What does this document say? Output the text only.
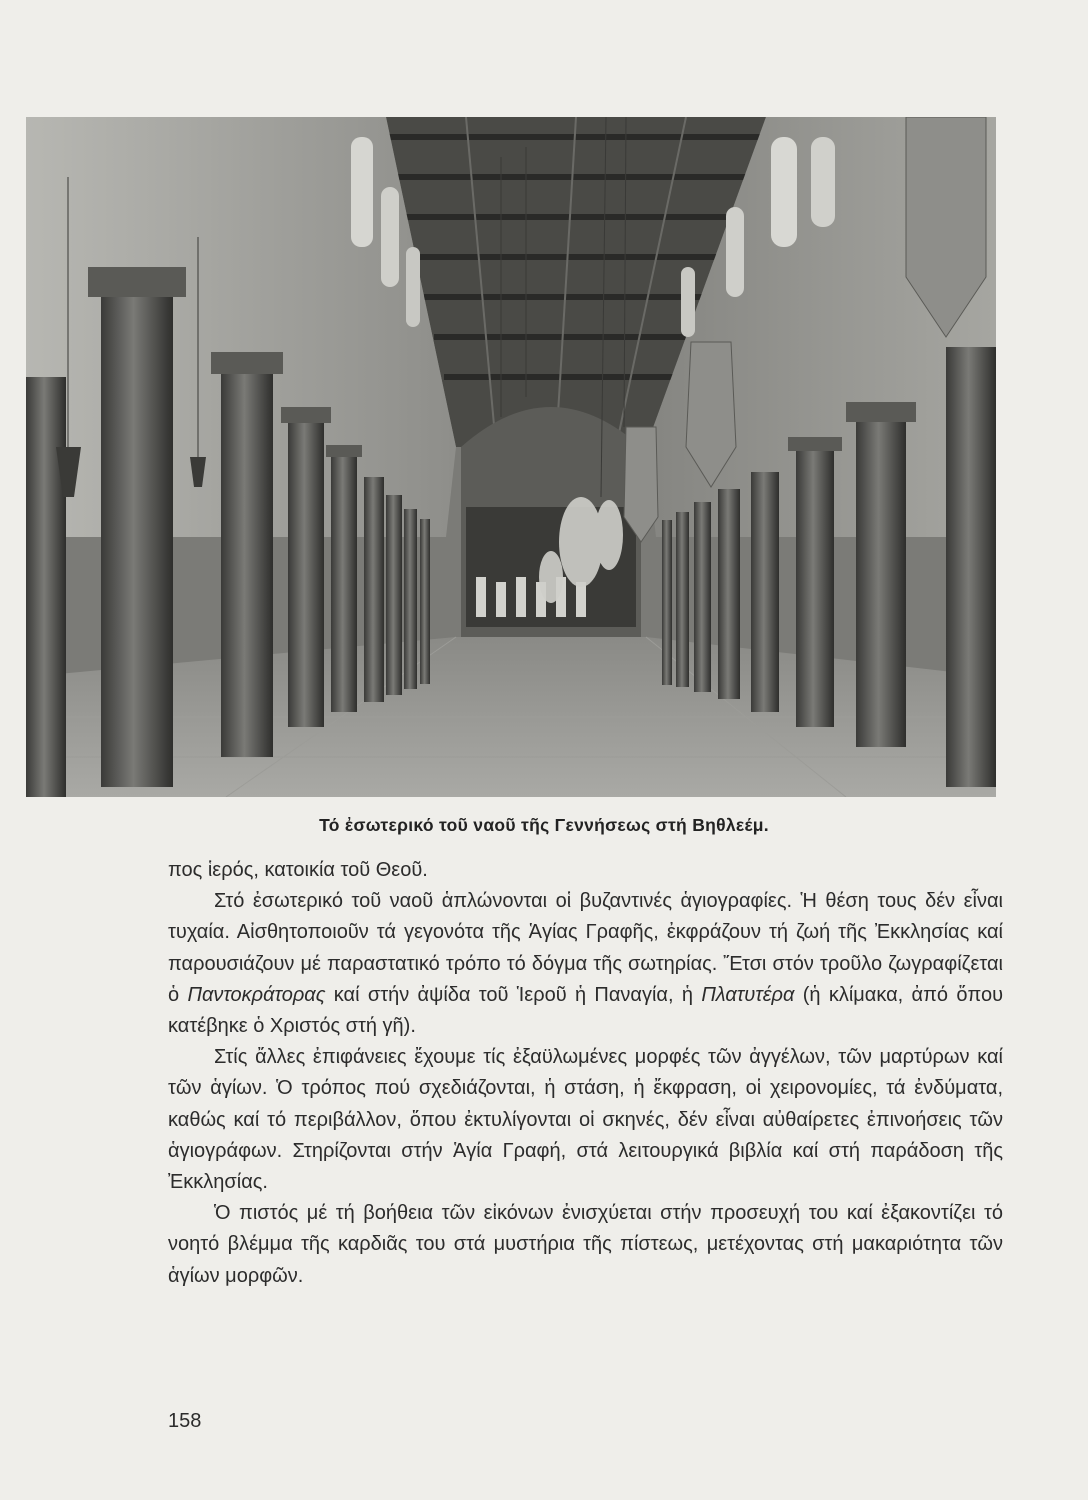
Τό ἐσωτερικό τοῦ ναοῦ τῆς Γεννήσεως στή Βηθλεέμ.

πος ἱερός, κατοικία τοῦ Θεοῦ.

Στό ἐσωτερικό τοῦ ναοῦ ἁπλώνονται οἱ βυζαντινές ἁγιογραφίες. Ἡ θέση τους δέν εἶναι τυχαία. Αἰσθητοποιοῦν τά γεγονότα τῆς Ἁγίας Γραφῆς, ἐκφράζουν τή ζωή τῆς Ἐκκλησίας καί παρουσιάζουν μέ παραστατικό τρόπο τό δόγμα τῆς σωτηρίας. Ἔτσι στόν τροῦλο ζωγραφίζεται ὁ Παντοκράτορας καί στήν ἀψίδα τοῦ Ἱεροῦ ἡ Παναγία, ἡ Πλατυτέρα (ἡ κλίμακα, ἀπό ὅπου κατέβηκε ὁ Χριστός στή γῆ).

Στίς ἄλλες ἐπιφάνειες ἔχουμε τίς ἐξαϋλωμένες μορφές τῶν ἀγγέλων, τῶν μαρτύρων καί τῶν ἁγίων. Ὁ τρόπος πού σχεδιάζονται, ἡ στάση, ἡ ἔκφραση, οἱ χειρονομίες, τά ἐνδύματα, καθώς καί τό περιβάλλον, ὅπου ἐκτυλίγονται οἱ σκηνές, δέν εἶναι αὐθαίρετες ἐπινοήσεις τῶν ἁγιογράφων. Στηρίζονται στήν Ἁγία Γραφή, στά λειτουργικά βιβλία καί στή παράδοση τῆς Ἐκκλησίας.

Ὁ πιστός μέ τή βοήθεια τῶν εἰκόνων ἐνισχύεται στήν προσευχή του καί ἐξακοντίζει τό νοητό βλέμμα τῆς καρδιᾶς του στά μυστήρια τῆς πίστεως, μετέχοντας στή μακαριότητα τῶν ἁγίων μορφῶν.

158
